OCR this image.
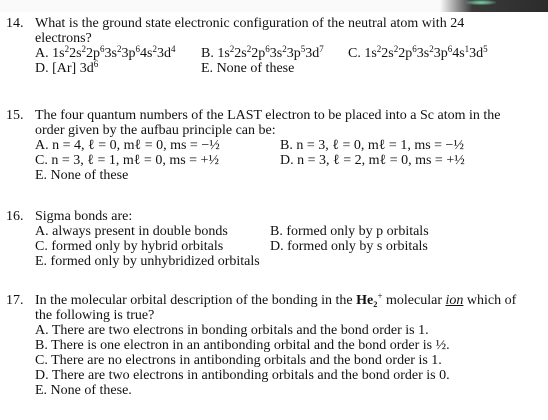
14. What is the ground state electronic configuration of the neutral atom with 24
electrons?
A. $1s^22s^22p^63s^23p^64s^23d^4$ B. $1s^22s^22p^63s^23p^53d^7$ C. $1s^22s^22p^63s^23p^64s^13d^5$
D. [Ar] $3d^6$	E. None of these
15. The four quantum numbers of the LAST electron to be placed into a Sc atom in the
order given by the aufbau principle can be:
A. n = 4, ℓ = 0, mℓ = 0, ms = −½	B. n = 3, ℓ = 0, mℓ = 1, ms = −½
C. n = 3, ℓ = 1, mℓ = 0, ms = +½	D. n = 3, ℓ = 2, mℓ = 0, ms = +½
E. None of these
16. Sigma bonds are:
A. always present in double bonds	B. formed only by p orbitals
C. formed only by hybrid orbitals	D. formed only by s orbitals
E. formed only by unhybridized orbitals
17. In the molecular orbital description of the bonding in the He₂+ molecular ion which of
the following is true?
A. There are two electrons in bonding orbitals and the bond order is 1.
B. There is one electron in an antibonding orbital and the bond order is ½.
C. There are no electrons in antibonding orbitals and the bond order is 1.
D. There are two electrons in antibonding orbitals and the bond order is 0.
E. None of these.
